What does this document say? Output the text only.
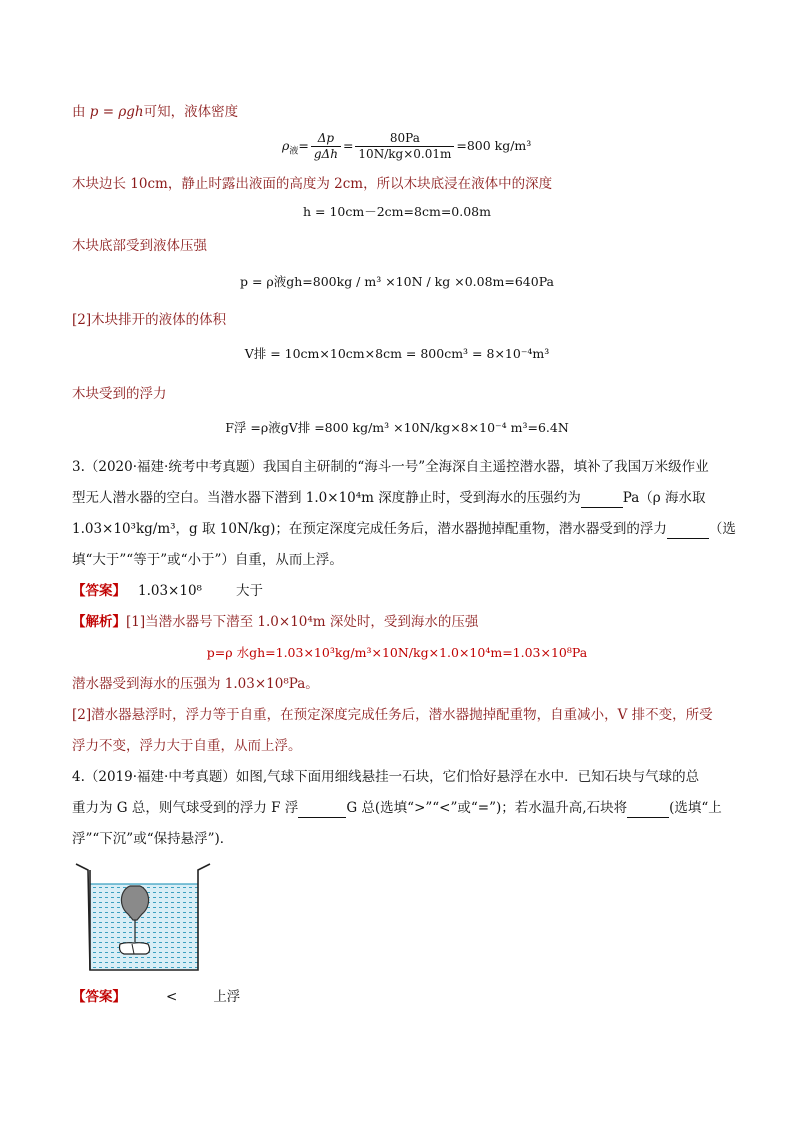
由 p = ρgh可知，液体密度
$\rho_液= \frac{\Delta p}{\text{gΔh}} = \frac{80Pa}{10N/kg\times 0.01m} =800$ kg/m³
木块边长 10cm，静止时露出液面的高度为 2cm，所以木块底浸在液体中的深度
h = 10cm－2cm=8cm=0.08m
木块底部受到液体压强
p = ρ液gh=800kg / m³ ×10N / kg ×0.08m=640Pa
[2]木块排开的液体的体积
V排 = 10cm×10cm×8cm = 800cm³ = 8×10⁻⁴m³
木块受到的浮力
F浮 =ρ液gV排 =800 kg/m³ ×10N/kg×8×10⁻⁴ m³=6.4N
3.（2020·福建·统考中考真题）我国自主研制的“海斗一号”全海深自主遥控潜水器，填补了我国万米级作业
型无人潜水器的空白。当潜水器下潜到 1.0×10⁴m 深度静止时，受到海水的压强约为	Pa（ρ 海水取
1.03×10³kg/m³，g 取 10N/kg)；在预定深度完成任务后，潜水器抛掉配重物，潜水器受到的浮力	（选
填“大于”“等于”或“小于”）自重，从而上浮。
【答案】 1.03×10⁸	大于
【解析】[1]当潜水器号下潜至 1.0×10⁴m 深处时，受到海水的压强
p=ρ 水gh=1.03×10³kg/m³×10N/kg×1.0×10⁴m=1.03×10⁸Pa
潜水器受到海水的压强为 1.03×10⁸Pa。
[2]潜水器悬浮时，浮力等于自重，在预定深度完成任务后，潜水器抛掉配重物，自重减小，V 排不变，所受
浮力不变，浮力大于自重，从而上浮。
4.（2019·福建·中考真题）如图,气球下面用细线悬挂一石块，它们恰好悬浮在水中．已知石块与气球的总
重力为 G 总，则气球受到的浮力 F 浮	G 总(选填“>”“<”或“=”)；若水温升高,石块将	(选填“上
浮”“下沉”或“保持悬浮”)．
【答案】	<	上浮
